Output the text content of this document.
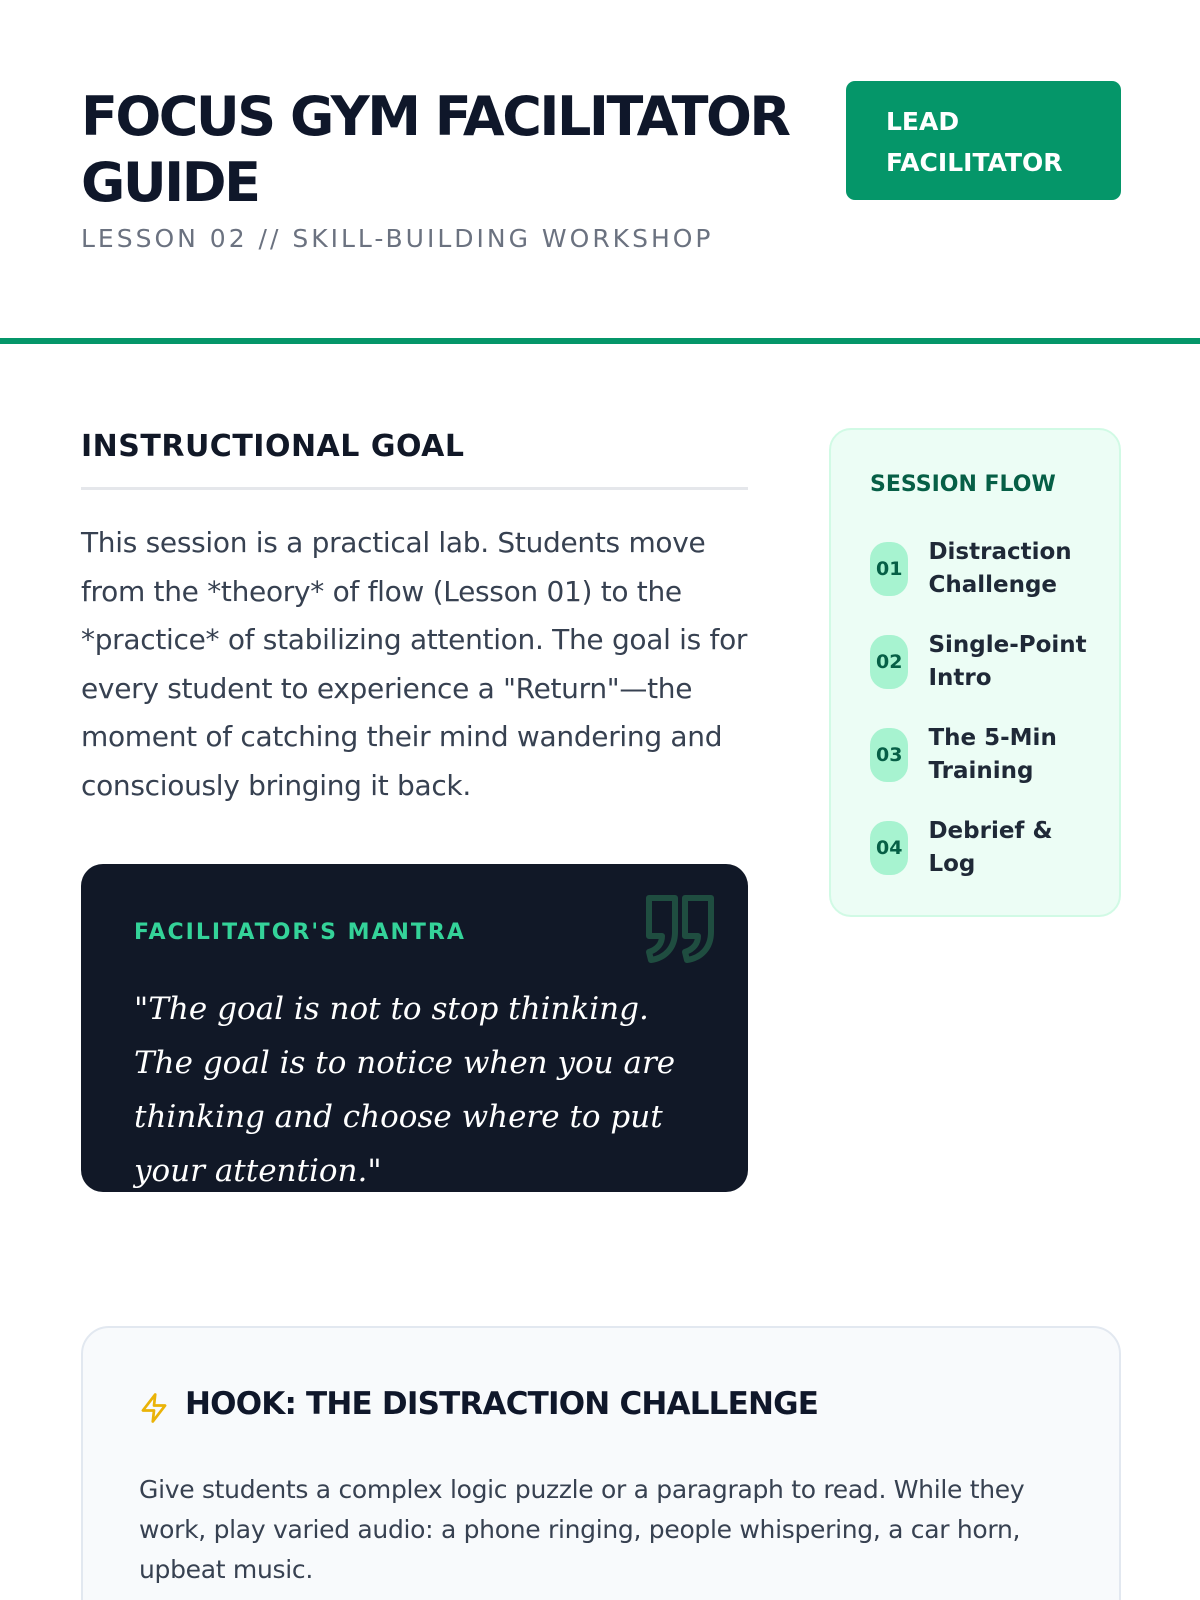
FOCUS GYM FACILITATOR GUIDE
LESSON 02 // SKILL-BUILDING WORKSHOP
LEAD FACILITATOR
INSTRUCTIONAL GOAL

This session is a practical lab. Students move from the *theory* of flow (Lesson 01) to the *practice* of stabilizing attention. The goal is for every student to experience a "Return"—the moment of catching their mind wandering and consciously bringing it back.

FACILITATOR'S MANTRA

"The goal is not to stop thinking. The goal is to notice when you are thinking and choose where to put your attention."

SESSION FLOW
01
Distraction Challenge
02
Single-Point Intro
03
The 5-Min Training
04
Debrief & Log
HOOK: THE DISTRACTION CHALLENGE

Give students a complex logic puzzle or a paragraph to read. While they work, play varied audio: a phone ringing, people whispering, a car horn, upbeat music.
